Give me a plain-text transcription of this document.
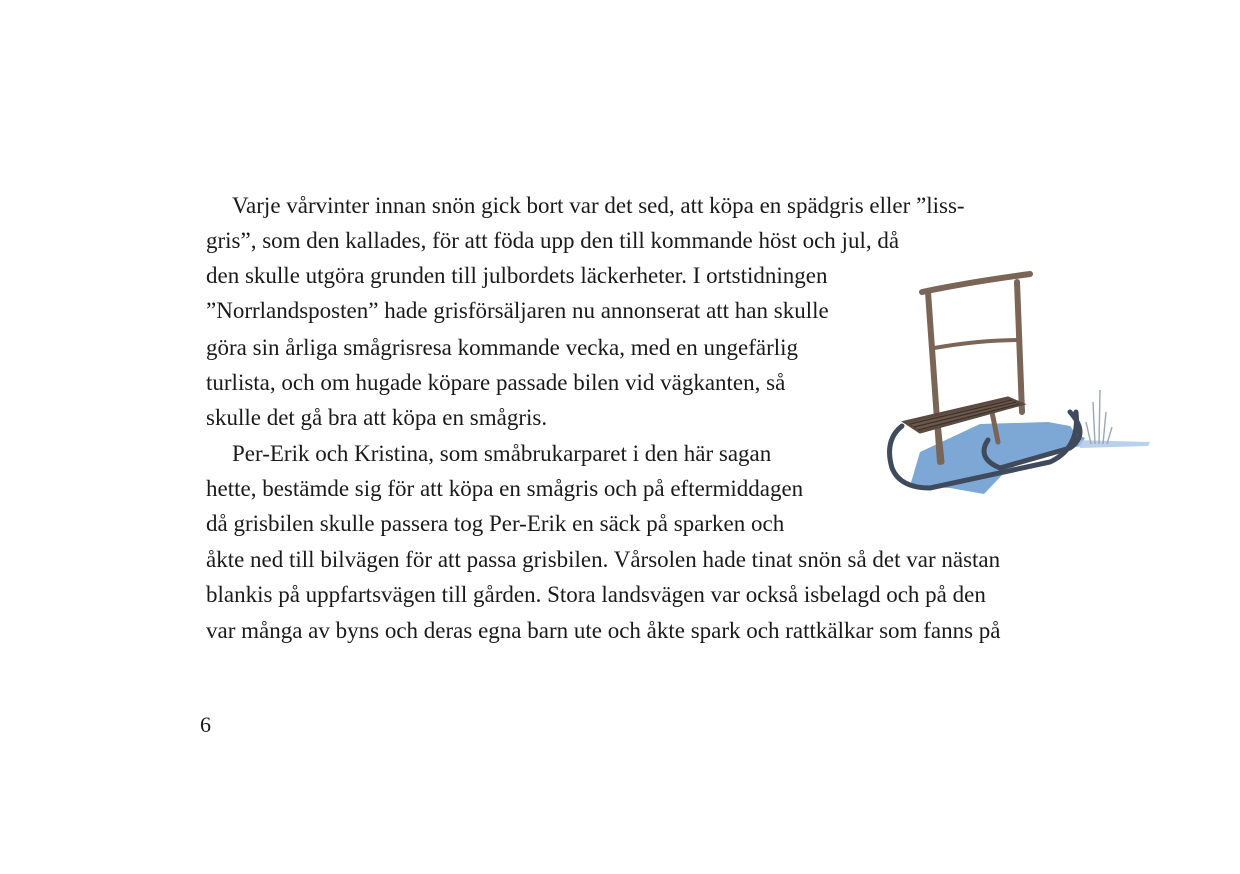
Varje vårvinter innan snön gick bort var det sed, att köpa en spädgris eller ”liss-
gris”, som den kallades, för att föda upp den till kommande höst och jul, då
den skulle utgöra grunden till julbordets läckerheter. I ortstidningen
”Norrlandsposten” hade grisförsäljaren nu annonserat att han skulle
göra sin årliga smågrisresa kommande vecka, med en ungefärlig
turlista, och om hugade köpare passade bilen vid vägkanten, så
skulle det gå bra att köpa en smågris.
Per-Erik och Kristina, som småbrukarparet i den här sagan
hette, bestämde sig för att köpa en smågris och på eftermiddagen
då grisbilen skulle passera tog Per-Erik en säck på sparken och
åkte ned till bilvägen för att passa grisbilen. Vårsolen hade tinat snön så det var nästan
blankis på uppfartsvägen till gården. Stora landsvägen var också isbelagd och på den
var många av byns och deras egna barn ute och åkte spark och rattkälkar som fanns på
6
